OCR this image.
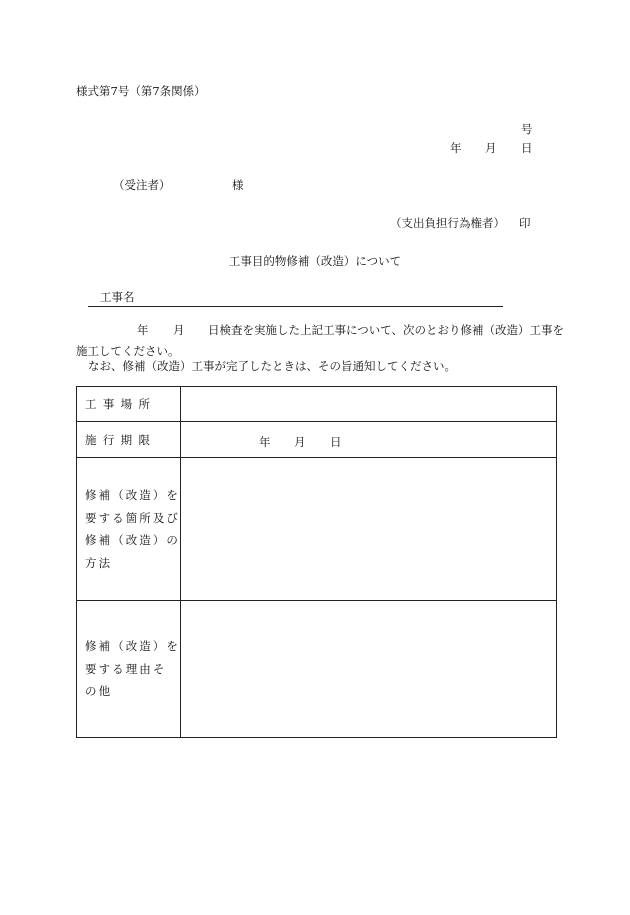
様式第7号（第7条関係）
号
年 月 日
（受注者）	様
（支出負担行為権者） 印
工事目的物修補（改造）について
工事名
年 月 日検査を実施した上記工事について、次のとおり修補（改造）工事を
施工してください。
なお、修補（改造）工事が完了したときは、その旨通知してください。
工事場所	
施行期限	年 月 日

修補（改造）を
要する箇所及び
修補（改造）の
方法	

修補（改造）を
要する理由そ
の他	
